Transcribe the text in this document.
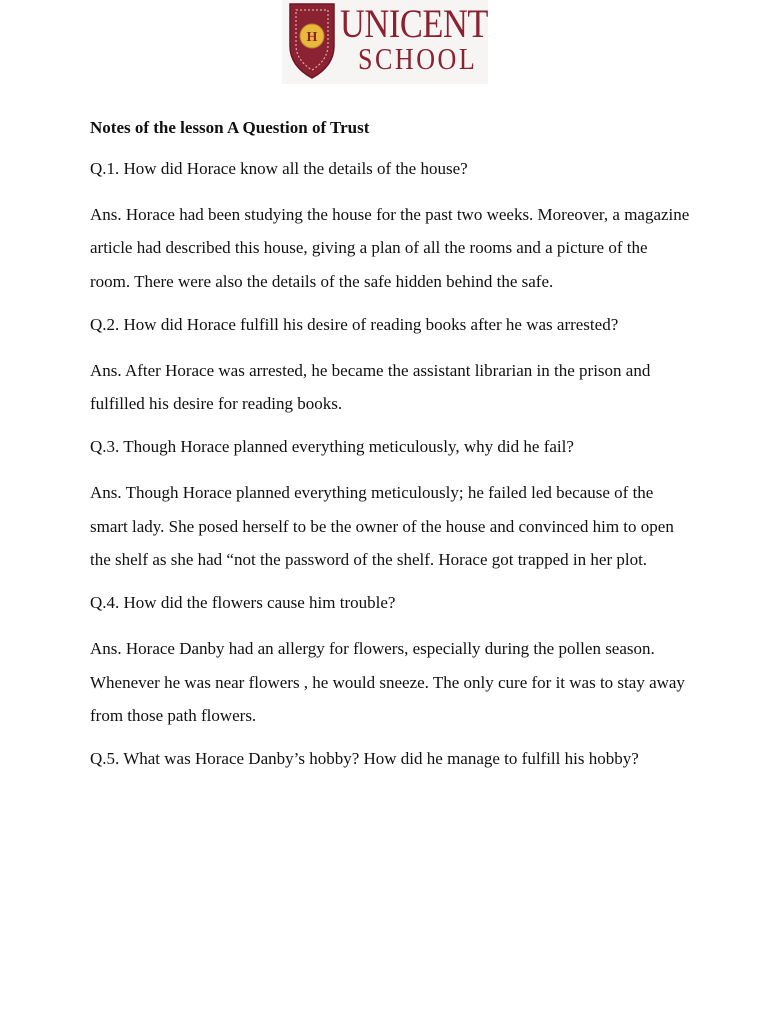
H UNICENT
SCHOOL

Notes of the lesson A Question of Trust

Q.1. How did Horace know all the details of the house?

Ans. Horace had been studying the house for the past two weeks. Moreover, a magazine article had described this house, giving a plan of all the rooms and a picture of the room. There were also the details of the safe hidden behind the safe.

Q.2. How did Horace fulfill his desire of reading books after he was arrested?

Ans. After Horace was arrested, he became the assistant librarian in the prison and fulfilled his desire for reading books.

Q.3. Though Horace planned everything meticulously, why did he fail?

Ans. Though Horace planned everything meticulously; he failed led because of the smart lady. She posed herself to be the owner of the house and convinced him to open the shelf as she had “not the password of the shelf. Horace got trapped in her plot.

Q.4. How did the flowers cause him trouble?

Ans. Horace Danby had an allergy for flowers, especially during the pollen season. Whenever he was near flowers , he would sneeze. The only cure for it was to stay away from those path flowers.

Q.5. What was Horace Danby’s hobby? How did he manage to fulfill his hobby?
